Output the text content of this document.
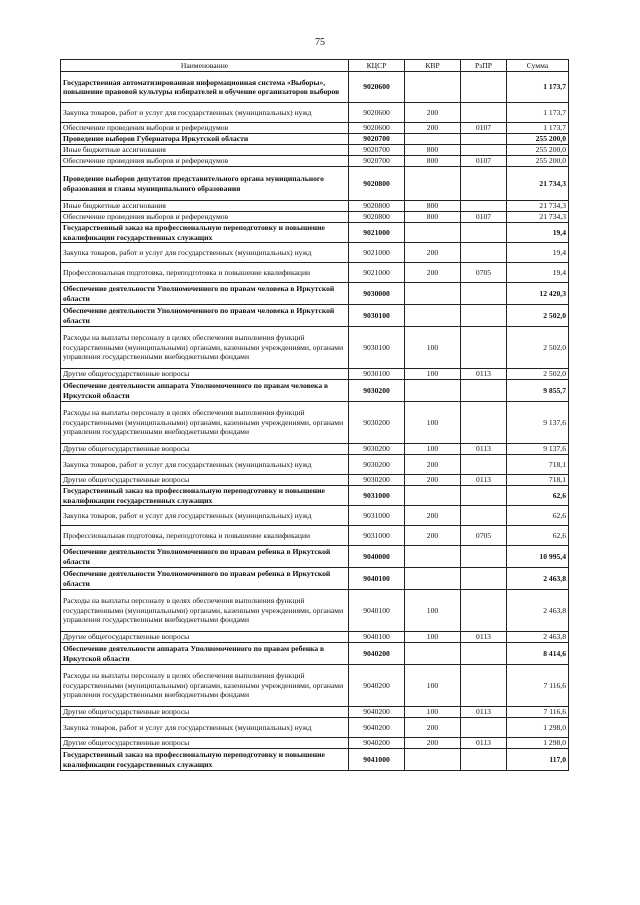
75
Наименование	КЦСР	КВР	РзПР	Сумма
Государственная автоматизированная информационная система «Выборы», повышение правовой культуры избирателей и обучение организаторов выборов	9020600			1 173,7
Закупка товаров, работ и услуг для государственных (муниципальных) нужд	9020600	200		1 173,7
Обеспечение проведения выборов и референдумов	9020600	200	0107	1 173,7
Проведение выборов Губернатора Иркутской области	9020700			255 200,0
Иные бюджетные ассигнования	9020700	800		255 200,0
Обеспечение проведения выборов и референдумов	9020700	800	0107	255 200,0
Проведение выборов депутатов представительного органа муниципального образования и главы муниципального образования	9020800			21 734,3
Иные бюджетные ассигнования	9020800	800		21 734,3
Обеспечение проведения выборов и референдумов	9020800	800	0107	21 734,3
Государственный заказ на профессиональную переподготовку и повышение квалификации государственных служащих	9021000			19,4
Закупка товаров, работ и услуг для государственных (муниципальных) нужд	9021000	200		19,4
Профессиональная подготовка, переподготовка и повышение квалификации	9021000	200	0705	19,4
Обеспечение деятельности Уполномоченного по правам человека в Иркутской области	9030000			12 420,3
Обеспечение деятельности Уполномоченного по правам человека в Иркутской области	9030100			2 502,0
Расходы на выплаты персоналу в целях обеспечения выполнения функций государственными (муниципальными) органами, казенными учреждениями, органами управления государственными внебюджетными фондами	9030100	100		2 502,0
Другие общегосударственные вопросы	9030100	100	0113	2 502,0
Обеспечение деятельности аппарата Уполномоченного по правам человека в Иркутской области	9030200			9 855,7
Расходы на выплаты персоналу в целях обеспечения выполнения функций государственными (муниципальными) органами, казенными учреждениями, органами управления государственными внебюджетными фондами	9030200	100		9 137,6
Другие общегосударственные вопросы	9030200	100	0113	9 137,6
Закупка товаров, работ и услуг для государственных (муниципальных) нужд	9030200	200		718,1
Другие общегосударственные вопросы	9030200	200	0113	718,1
Государственный заказ на профессиональную переподготовку и повышение квалификации государственных служащих	9031000			62,6
Закупка товаров, работ и услуг для государственных (муниципальных) нужд	9031000	200		62,6
Профессиональная подготовка, переподготовка и повышение квалификации	9031000	200	0705	62,6
Обеспечение деятельности Уполномоченного по правам ребенка в Иркутской области	9040000			10 995,4
Обеспечение деятельности Уполномоченного по правам ребенка в Иркутской области	9040100			2 463,8
Расходы на выплаты персоналу в целях обеспечения выполнения функций государственными (муниципальными) органами, казенными учреждениями, органами управления государственными внебюджетными фондами	9040100	100		2 463,8
Другие общегосударственные вопросы	9040100	100	0113	2 463,8
Обеспечение деятельности аппарата Уполномоченного по правам ребенка в Иркутской области	9040200			8 414,6
Расходы на выплаты персоналу в целях обеспечения выполнения функций государственными (муниципальными) органами, казенными учреждениями, органами управления государственными внебюджетными фондами	9040200	100		7 116,6
Другие общегосударственные вопросы	9040200	100	0113	7 116,6
Закупка товаров, работ и услуг для государственных (муниципальных) нужд	9040200	200		1 298,0
Другие общегосударственные вопросы	9040200	200	0113	1 298,0
Государственный заказ на профессиональную переподготовку и повышение квалификации государственных служащих	9041000			117,0
